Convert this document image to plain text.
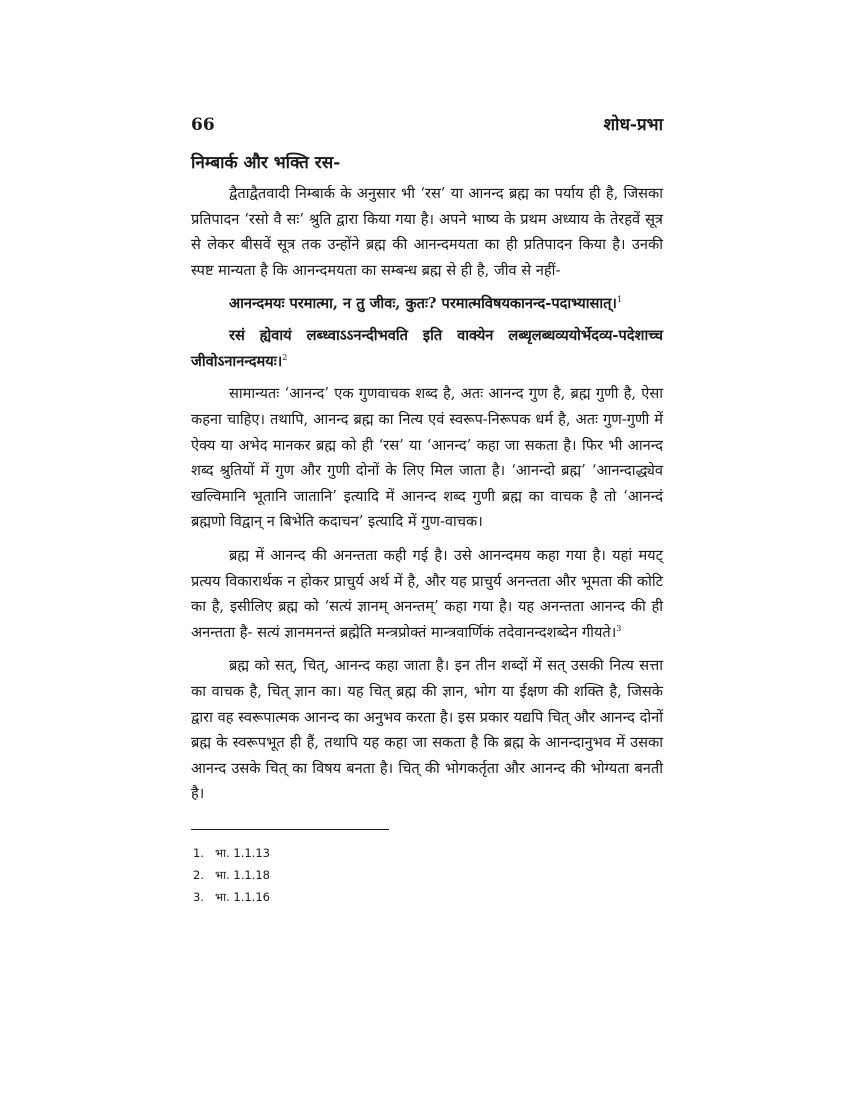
66	शोध-प्रभा
निम्बार्क और भक्ति रस-

द्वैताद्वैतवादी निम्बार्क के अनुसार भी ‘रस’ या आनन्द ब्रह्म का पर्याय ही है, जिसका प्रतिपादन ‘रसो वै सः’ श्रुति द्वारा किया गया है। अपने भाष्य के प्रथम अध्याय के तेरहवें सूत्र से लेकर बीसवें सूत्र तक उन्होंने ब्रह्म की आनन्दमयता का ही प्रतिपादन किया है। उनकी स्पष्ट मान्यता है कि आनन्दमयता का सम्बन्ध ब्रह्म से ही है, जीव से नहीं-

आनन्दमयः परमात्मा, न तु जीवः, कुतः? परमात्मविषयकानन्द-पदाभ्यासात्।$^1$
रसं ह्येवायं लब्ध्वाऽऽनन्दीभवति इति वाक्येन लब्धृलब्धव्ययोर्भेदव्य-पदेशाच्च जीवोऽनानन्दमयः।$^2$

सामान्यतः ‘आनन्द’ एक गुणवाचक शब्द है, अतः आनन्द गुण है, ब्रह्म गुणी है, ऐसा कहना चाहिए। तथापि, आनन्द ब्रह्म का नित्य एवं स्वरूप-निरूपक धर्म है, अतः गुण-गुणी में ऐक्य या अभेद मानकर ब्रह्म को ही ‘रस’ या ‘आनन्द’ कहा जा सकता है। फिर भी आनन्द शब्द श्रुतियों में गुण और गुणी दोनों के लिए मिल जाता है। ‘आनन्दो ब्रह्म’ ‘आनन्दाद्ध्येव खल्विमानि भूतानि जातानि’ इत्यादि में आनन्द शब्द गुणी ब्रह्म का वाचक है तो ‘आनन्दं ब्रह्मणो विद्वान् न बिभेति कदाचन’ इत्यादि में गुण-वाचक।

ब्रह्म में आनन्द की अनन्तता कही गई है। उसे आनन्दमय कहा गया है। यहां मयट् प्रत्यय विकारार्थक न होकर प्राचुर्य अर्थ में है, और यह प्राचुर्य अनन्तता और भूमता की कोटि का है, इसीलिए ब्रह्म को ‘सत्यं ज्ञानम् अनन्तम्’ कहा गया है। यह अनन्तता आनन्द की ही अनन्तता है- सत्यं ज्ञानमनन्तं ब्रह्मेति मन्त्रप्रोक्तं मान्त्रवार्णिकं तदेवानन्दशब्देन गीयते।$^3$

ब्रह्म को सत्, चित्, आनन्द कहा जाता है। इन तीन शब्दों में सत् उसकी नित्य सत्ता का वाचक है, चित् ज्ञान का। यह चित् ब्रह्म की ज्ञान, भोग या ईक्षण की शक्ति है, जिसके द्वारा वह स्वरूपात्मक आनन्द का अनुभव करता है। इस प्रकार यद्यपि चित् और आनन्द दोनों ब्रह्म के स्वरूपभूत ही हैं, तथापि यह कहा जा सकता है कि ब्रह्म के आनन्दानुभव में उसका आनन्द उसके चित् का विषय बनता है। चित् की भोगकर्तृता और आनन्द की भोग्यता बनती है।

1. भा. 1.1.13
2. भा. 1.1.18
3. भा. 1.1.16
